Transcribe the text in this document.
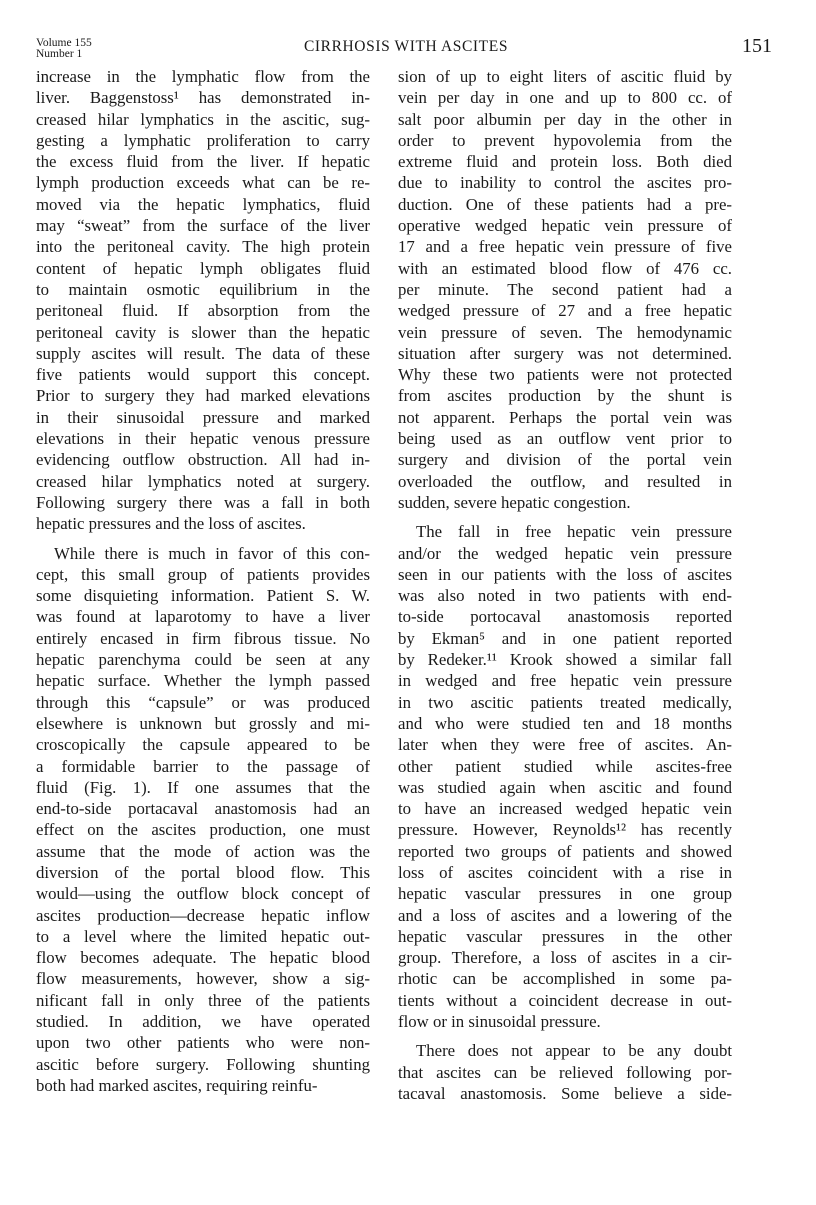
Volume 155
Number 1	CIRRHOSIS WITH ASCITES	151

increase in the lymphatic flow from the
liver. Baggenstoss¹ has demonstrated in-
creased hilar lymphatics in the ascitic, sug-
gesting a lymphatic proliferation to carry
the excess fluid from the liver. If hepatic
lymph production exceeds what can be re-
moved via the hepatic lymphatics, fluid
may “sweat” from the surface of the liver
into the peritoneal cavity. The high protein
content of hepatic lymph obligates fluid
to maintain osmotic equilibrium in the
peritoneal fluid. If absorption from the
peritoneal cavity is slower than the hepatic
supply ascites will result. The data of these
five patients would support this concept.
Prior to surgery they had marked elevations
in their sinusoidal pressure and marked
elevations in their hepatic venous pressure
evidencing outflow obstruction. All had in-
creased hilar lymphatics noted at surgery.
Following surgery there was a fall in both
hepatic pressures and the loss of ascites.

While there is much in favor of this con-
cept, this small group of patients provides
some disquieting information. Patient S. W.
was found at laparotomy to have a liver
entirely encased in firm fibrous tissue. No
hepatic parenchyma could be seen at any
hepatic surface. Whether the lymph passed
through this “capsule” or was produced
elsewhere is unknown but grossly and mi-
croscopically the capsule appeared to be
a formidable barrier to the passage of
fluid (Fig. 1). If one assumes that the
end-to-side portacaval anastomosis had an
effect on the ascites production, one must
assume that the mode of action was the
diversion of the portal blood flow. This
would—using the outflow block concept of
ascites production—decrease hepatic inflow
to a level where the limited hepatic out-
flow becomes adequate. The hepatic blood
flow measurements, however, show a sig-
nificant fall in only three of the patients
studied. In addition, we have operated
upon two other patients who were non-
ascitic before surgery. Following shunting
both had marked ascites, requiring reinfu-

sion of up to eight liters of ascitic fluid by
vein per day in one and up to 800 cc. of
salt poor albumin per day in the other in
order to prevent hypovolemia from the
extreme fluid and protein loss. Both died
due to inability to control the ascites pro-
duction. One of these patients had a pre-
operative wedged hepatic vein pressure of
17 and a free hepatic vein pressure of five
with an estimated blood flow of 476 cc.
per minute. The second patient had a
wedged pressure of 27 and a free hepatic
vein pressure of seven. The hemodynamic
situation after surgery was not determined.
Why these two patients were not protected
from ascites production by the shunt is
not apparent. Perhaps the portal vein was
being used as an outflow vent prior to
surgery and division of the portal vein
overloaded the outflow, and resulted in
sudden, severe hepatic congestion.

The fall in free hepatic vein pressure
and/or the wedged hepatic vein pressure
seen in our patients with the loss of ascites
was also noted in two patients with end-
to-side portocaval anastomosis reported
by Ekman⁵ and in one patient reported
by Redeker.¹¹ Krook showed a similar fall
in wedged and free hepatic vein pressure
in two ascitic patients treated medically,
and who were studied ten and 18 months
later when they were free of ascites. An-
other patient studied while ascites-free
was studied again when ascitic and found
to have an increased wedged hepatic vein
pressure. However, Reynolds¹² has recently
reported two groups of patients and showed
loss of ascites coincident with a rise in
hepatic vascular pressures in one group
and a loss of ascites and a lowering of the
hepatic vascular pressures in the other
group. Therefore, a loss of ascites in a cir-
rhotic can be accomplished in some pa-
tients without a coincident decrease in out-
flow or in sinusoidal pressure.

There does not appear to be any doubt
that ascites can be relieved following por-
tacaval anastomosis. Some believe a side-
